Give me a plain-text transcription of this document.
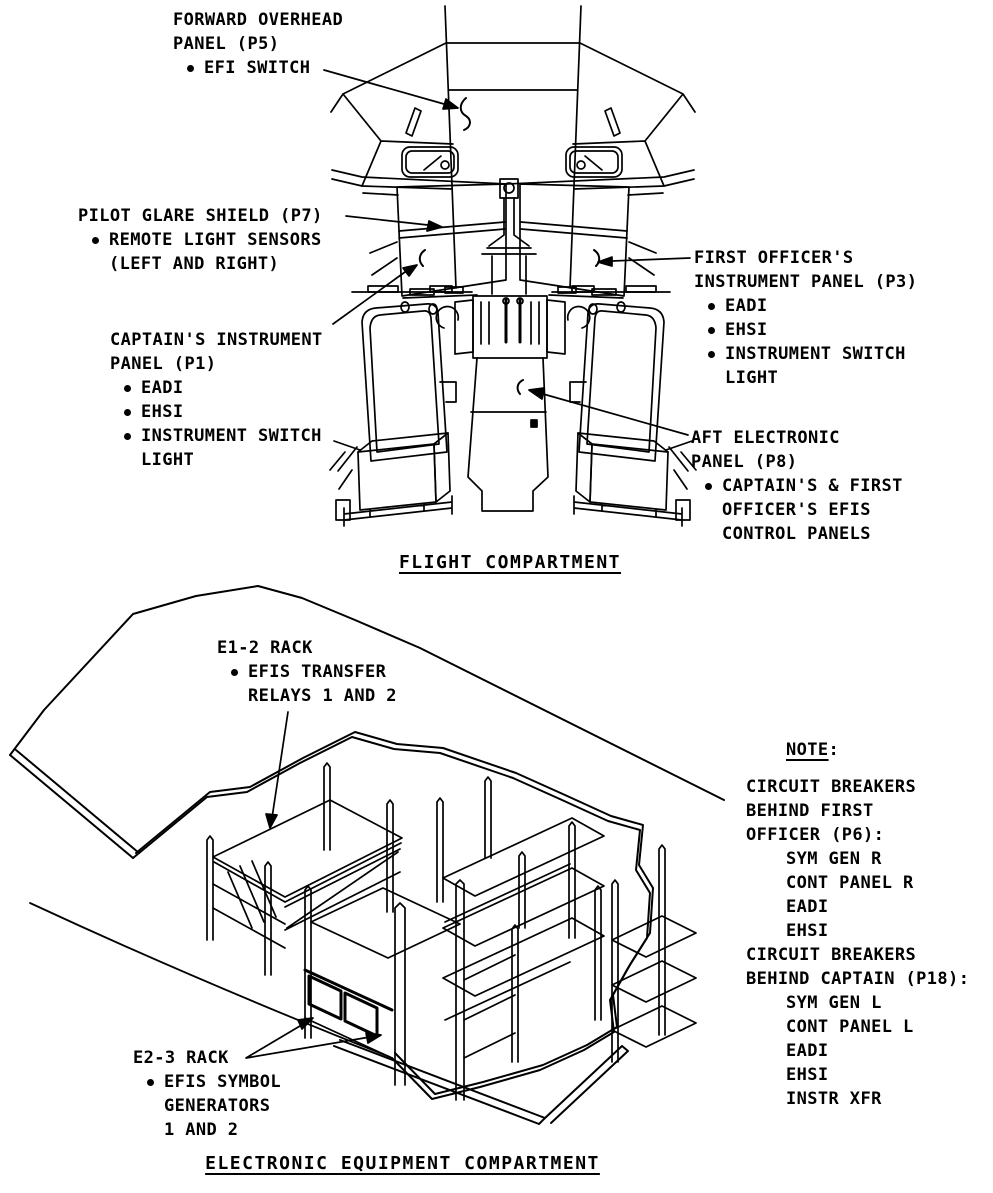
FORWARD OVERHEAD
PANEL (P5)
EFI SWITCH
PILOT GLARE SHIELD (P7)
REMOTE LIGHT SENSORS
(LEFT AND RIGHT)
CAPTAIN'S INSTRUMENT
PANEL (P1)
EADI
EHSI
INSTRUMENT SWITCH
LIGHT
FIRST OFFICER'S
INSTRUMENT PANEL (P3)
EADI
EHSI
INSTRUMENT SWITCH
LIGHT
AFT ELECTRONIC
PANEL (P8)
CAPTAIN'S & FIRST
OFFICER'S EFIS
CONTROL PANELS
FLIGHT COMPARTMENT
E1-2 RACK
EFIS TRANSFER
RELAYS 1 AND 2
E2-3 RACK
EFIS SYMBOL
GENERATORS
1 AND 2
NOTE:
CIRCUIT BREAKERS
BEHIND FIRST
OFFICER (P6):
SYM GEN R
CONT PANEL R
EADI
EHSI
CIRCUIT BREAKERS
BEHIND CAPTAIN (P18):
SYM GEN L
CONT PANEL L
EADI
EHSI
INSTR XFR
ELECTRONIC EQUIPMENT COMPARTMENT
